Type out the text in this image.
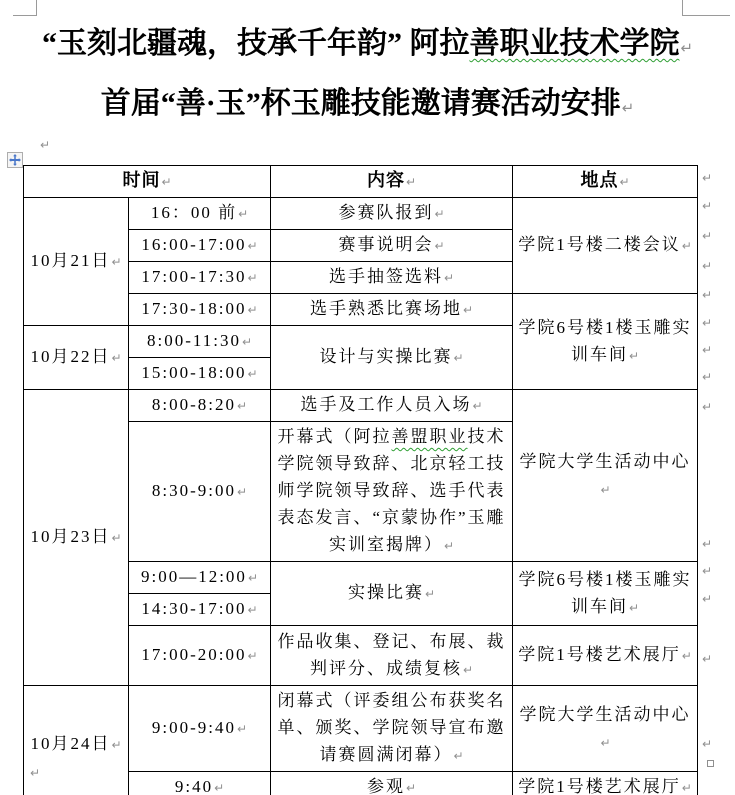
“玉刻北疆魂，技承千年韵” 阿拉善职业技术学院↵
首届“善·玉”杯玉雕技能邀请赛活动安排↵
↵
时间↵		内容↵	地点↵
10月21日↵	16：00 前↵	参赛队报到↵	学院1号楼二楼会议↵
	16:00-17:00↵	赛事说明会↵	
	17:00-17:30↵	选手抽签选料↵	
	17:30-18:00↵	选手熟悉比赛场地↵	学院6号楼1楼玉雕实训车间↵
10月22日↵	8:00-11:30↵	设计与实操比赛↵	
	15:00-18:00↵		
10月23日↵	8:00-8:20↵	选手及工作人员入场↵	学院大学生活动中心↵
	8:30-9:00↵	开幕式（阿拉善盟职业技术学院领导致辞、北京轻工技师学院领导致辞、选手代表表态发言、“京蒙协作”玉雕实训室揭牌）↵	
	9:00—12:00↵	实操比赛↵	学院6号楼1楼玉雕实训车间↵
	14:30-17:00↵		
	17:00-20:00↵	作品收集、登记、布展、裁判评分、成绩复核↵	学院1号楼艺术展厅↵
10月24日↵	9:00-9:40↵	闭幕式（评委组公布获奖名单、颁奖、学院领导宣布邀请赛圆满闭幕）↵	学院大学生活动中心↵
	9:40↵	参观↵	学院1号楼艺术展厅↵
↵
↵
↵
↵
↵
↵
↵
↵
↵
↵
↵
↵
↵
↵
↵
